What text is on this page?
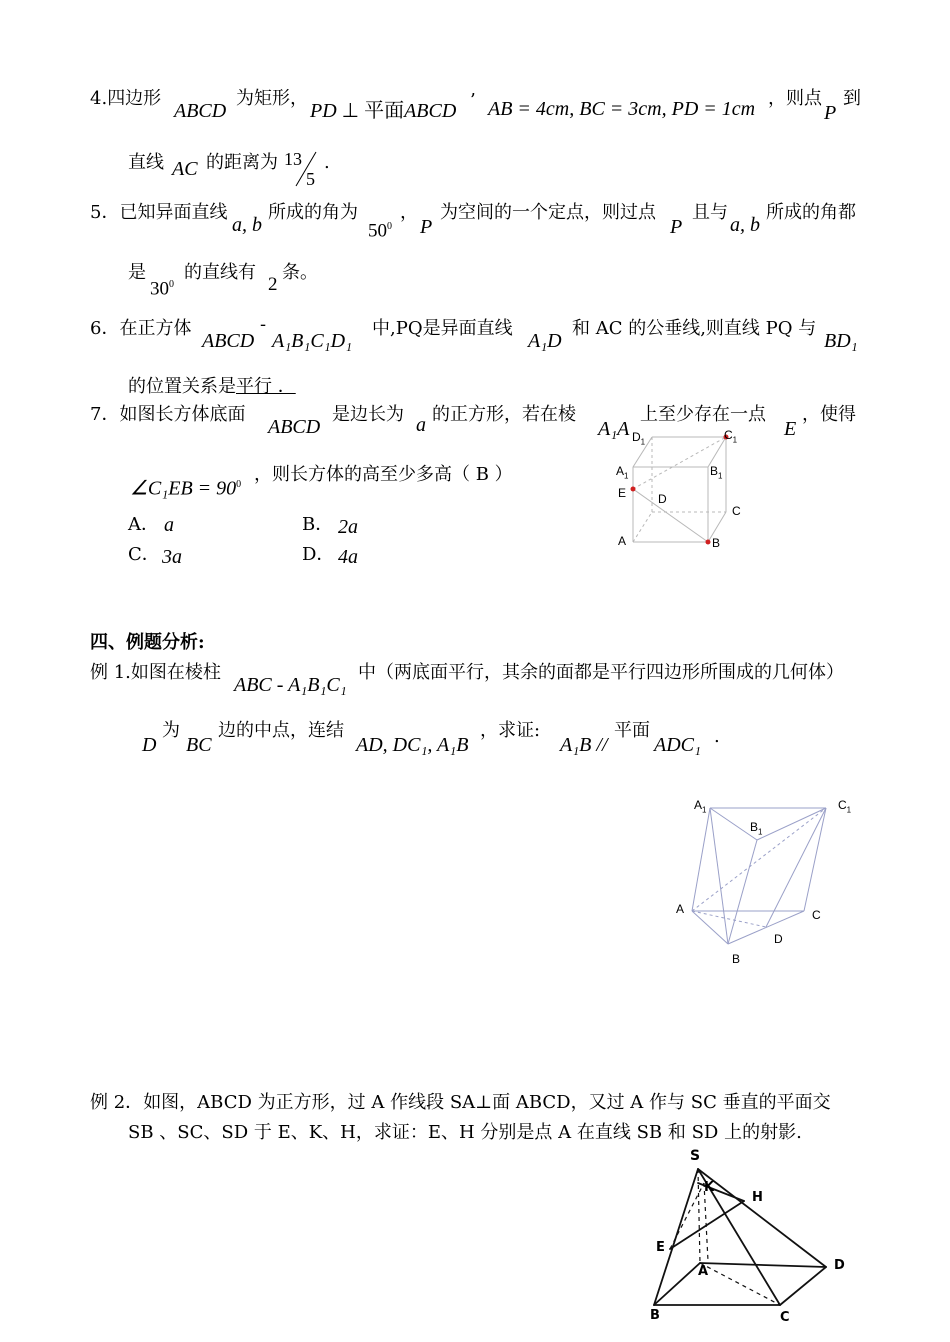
4.四边形
ABCD
为矩形，
PD ⊥ 平面ABCD ’ AB = 4cm, BC = 3cm, PD = 1cm ，则点
P
到
直线 AC 的距离为 13
5
.
5．已知异面直线
a, b
所成的角为
$50^0$
，
P
为空间的一个定点，则过点
P
且与
a, b
所成的角都
是
$30^0$
的直线有
2
条。
6．在正方体
ABCD
-
A₁B₁C₁D₁
中,PQ是异面直线
A₁D
和 AC 的公垂线,则直线 PQ 与
BD₁
的位置关系是平行 ．
7．如图长方体底面
ABCD
是边长为 a 的正方形，若在棱
A₁A
上至少存在一点
E
，使得
∠C₁EB = $90^0$ ，则长方体的高至少多高（ B ）
A． a	B． 2a
C． 3a	D． 4a
$D_1$	$C_1$
$A_1$	$B_1$
E	D
C
A	B
四、例题分析:
例 1.如图在棱柱
ABC - A₁B₁C₁
中（两底面平行，其余的面都是平行四边形所围成的几何体）
D
为
BC
边的中点，连结
AD, DC₁, A₁B
，求证:
A₁B //
平面
ADC₁ .
$A_1$	$C_1$
$B_1$
A	C
D
B
例 2．如图，ABCD 为正方形，过 A 作线段 SA⊥面 ABCD，又过 A 作与 SC 垂直的平面交
SB 、SC、SD 于 E、K、H，求证：E、H 分别是点 A 在直线 SB 和 SD 上的射影.
S
K
H
E
A	D
B	C
